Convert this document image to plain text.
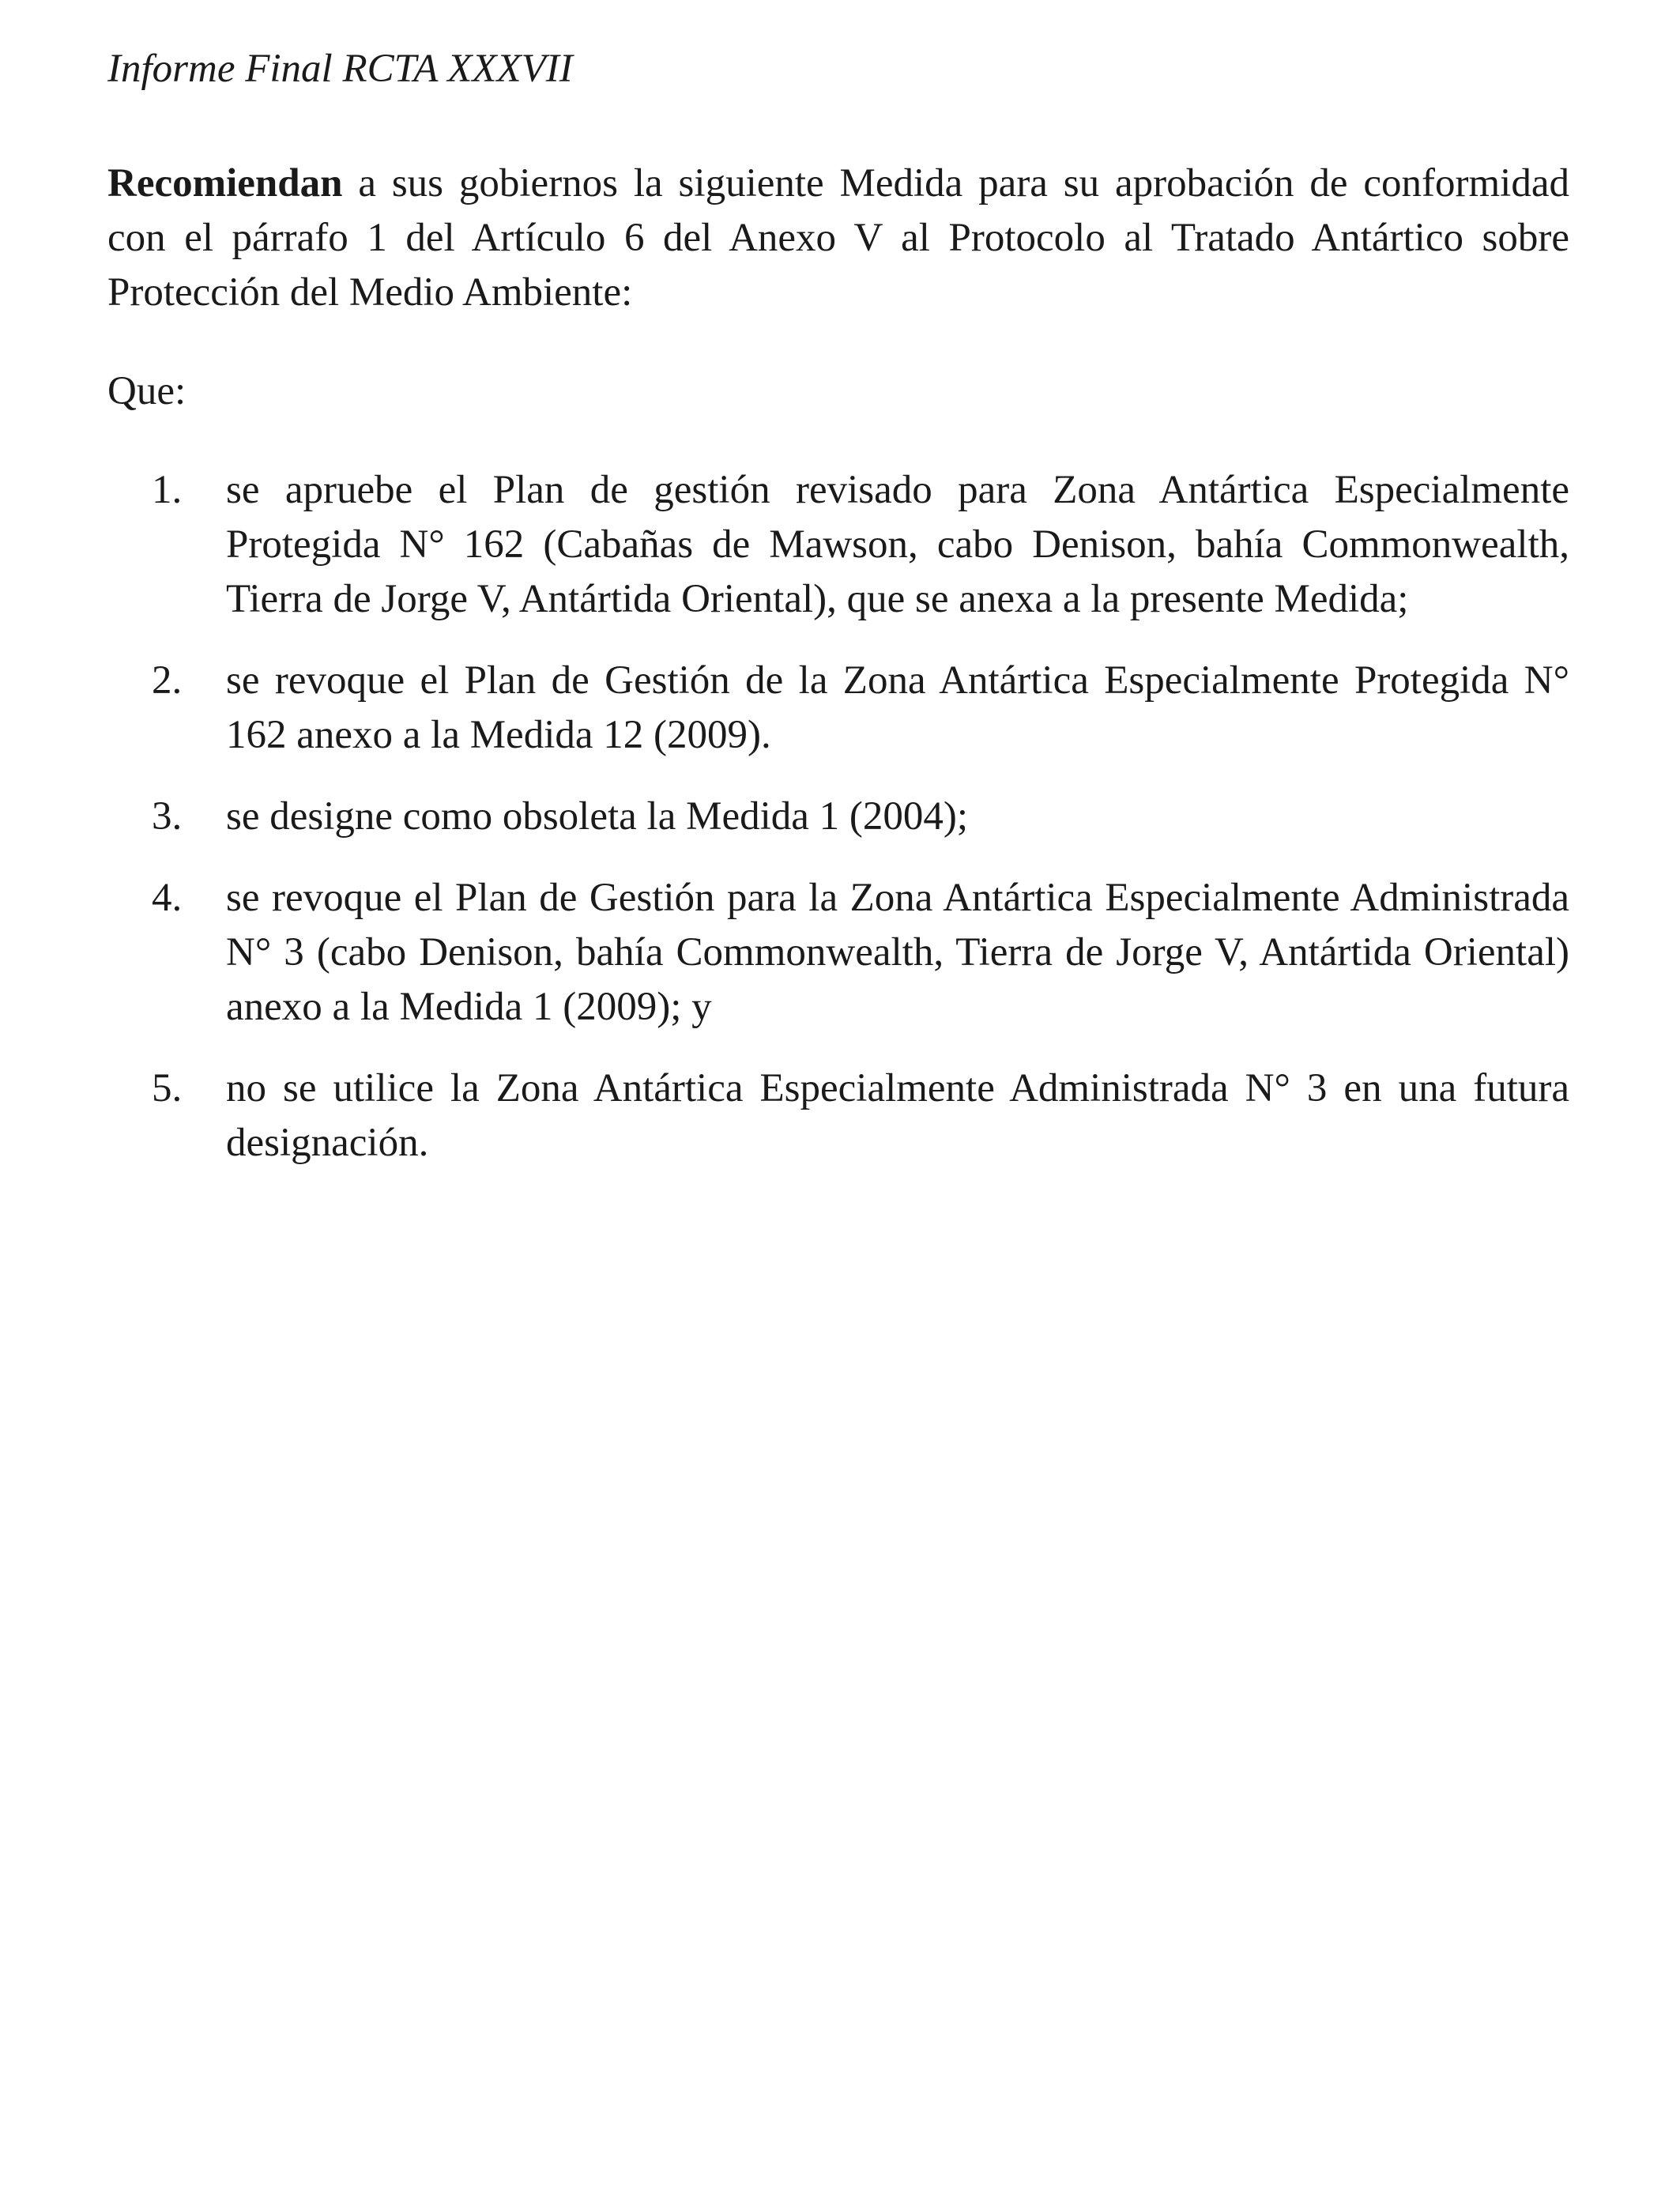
Informe Final RCTA XXXVII

Recomiendan a sus gobiernos la siguiente Medida para su aprobación de conformidad con el párrafo 1 del Artículo 6 del Anexo V al Protocolo al Tratado Antártico sobre Protección del Medio Ambiente:

Que:

1.	se apruebe el Plan de gestión revisado para Zona Antártica Especialmente Protegida N° 162 (Cabañas de Mawson, cabo Denison, bahía Commonwealth, Tierra de Jorge V, Antártida Oriental), que se anexa a la presente Medida;
2.	se revoque el Plan de Gestión de la Zona Antártica Especialmente Protegida N° 162 anexo a la Medida 12 (2009).
3.	se designe como obsoleta la Medida 1 (2004);
4.	se revoque el Plan de Gestión para la Zona Antártica Especialmente Administrada N° 3 (cabo Denison, bahía Commonwealth, Tierra de Jorge V, Antártida Oriental) anexo a la Medida 1 (2009); y
5.	no se utilice la Zona Antártica Especialmente Administrada N° 3 en una futura designación.
